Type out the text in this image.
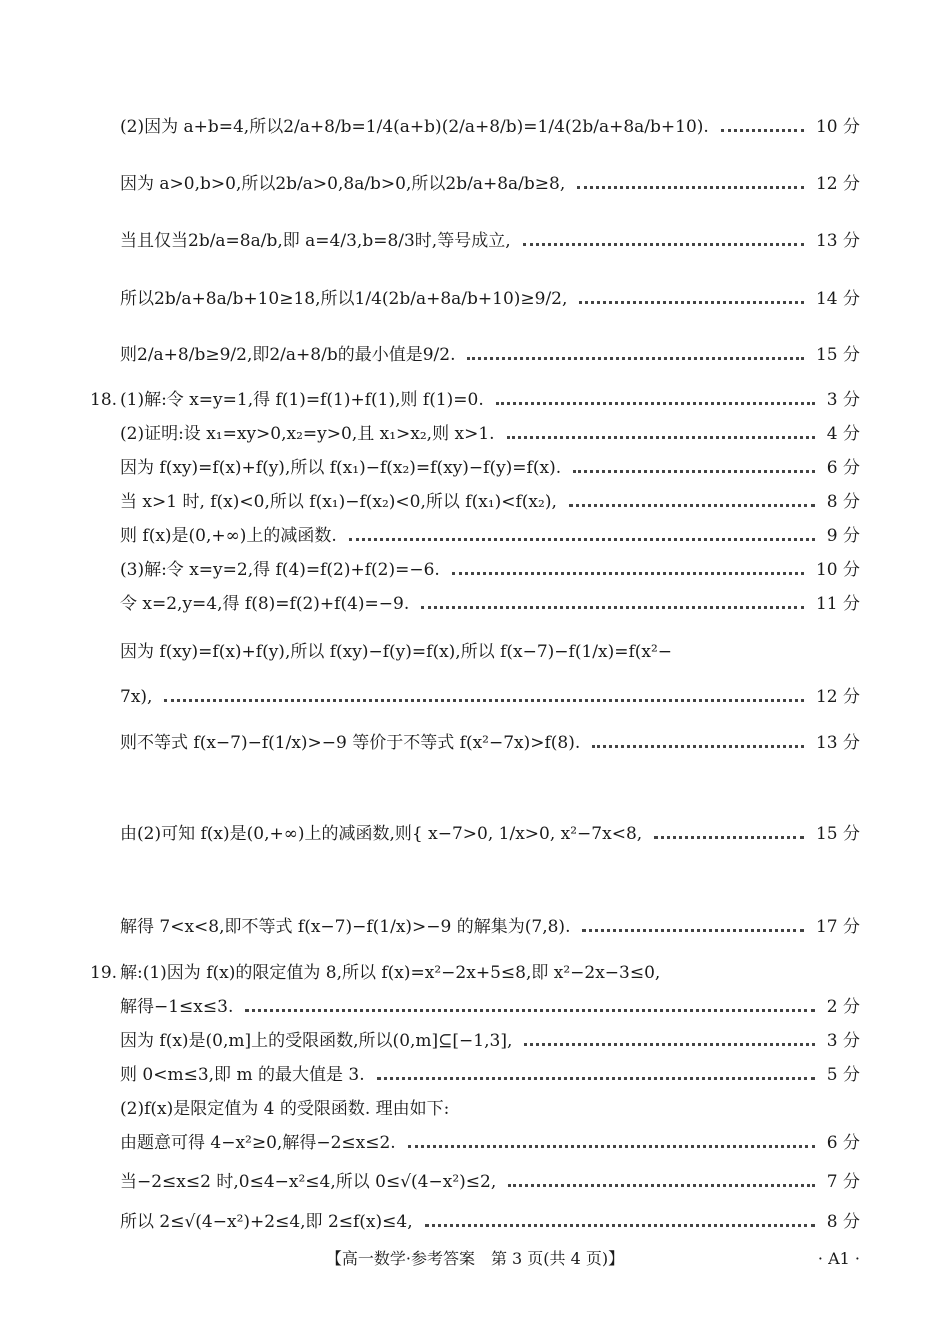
(2)因为 a+b=4,所以2/a+8/b=1/4(a+b)(2/a+8/b)=1/4(2b/a+8a/b+10).	10 分
因为 a>0,b>0,所以2b/a>0,8a/b>0,所以2b/a+8a/b≥8,	12 分
当且仅当2b/a=8a/b,即 a=4/3,b=8/3时,等号成立,	13 分
所以2b/a+8a/b+10≥18,所以1/4(2b/a+8a/b+10)≥9/2,	14 分
则2/a+8/b≥9/2,即2/a+8/b的最小值是9/2.	15 分
18. (1)解:令 x=y=1,得 f(1)=f(1)+f(1),则 f(1)=0.	3 分
(2)证明:设 x₁=xy>0,x₂=y>0,且 x₁>x₂,则 x>1.	4 分
因为 f(xy)=f(x)+f(y),所以 f(x₁)−f(x₂)=f(xy)−f(y)=f(x).	6 分
当 x>1 时, f(x)<0,所以 f(x₁)−f(x₂)<0,所以 f(x₁)<f(x₂),	8 分
则 f(x)是(0,+∞)上的减函数.	9 分
(3)解:令 x=y=2,得 f(4)=f(2)+f(2)=−6.	10 分
令 x=2,y=4,得 f(8)=f(2)+f(4)=−9.	11 分
因为 f(xy)=f(x)+f(y),所以 f(xy)−f(y)=f(x),所以 f(x−7)−f(1/x)=f(x²−
7x),	12 分
则不等式 f(x−7)−f(1/x)>−9 等价于不等式 f(x²−7x)>f(8).	13 分
由(2)可知 f(x)是(0,+∞)上的减函数,则{ x−7>0, 1/x>0, x²−7x<8,	15 分
解得 7<x<8,即不等式 f(x−7)−f(1/x)>−9 的解集为(7,8).	17 分
19. 解:(1)因为 f(x)的限定值为 8,所以 f(x)=x²−2x+5≤8,即 x²−2x−3≤0,
解得−1≤x≤3.	2 分
因为 f(x)是(0,m]上的受限函数,所以(0,m]⊆[−1,3],	3 分
则 0<m≤3,即 m 的最大值是 3.	5 分
(2)f(x)是限定值为 4 的受限函数. 理由如下:
由题意可得 4−x²≥0,解得−2≤x≤2.	6 分
当−2≤x≤2 时,0≤4−x²≤4,所以 0≤√(4−x²)≤2,	7 分
所以 2≤√(4−x²)+2≤4,即 2≤f(x)≤4,	8 分
【高一数学·参考答案　第 3 页(共 4 页)】	· A1 ·
